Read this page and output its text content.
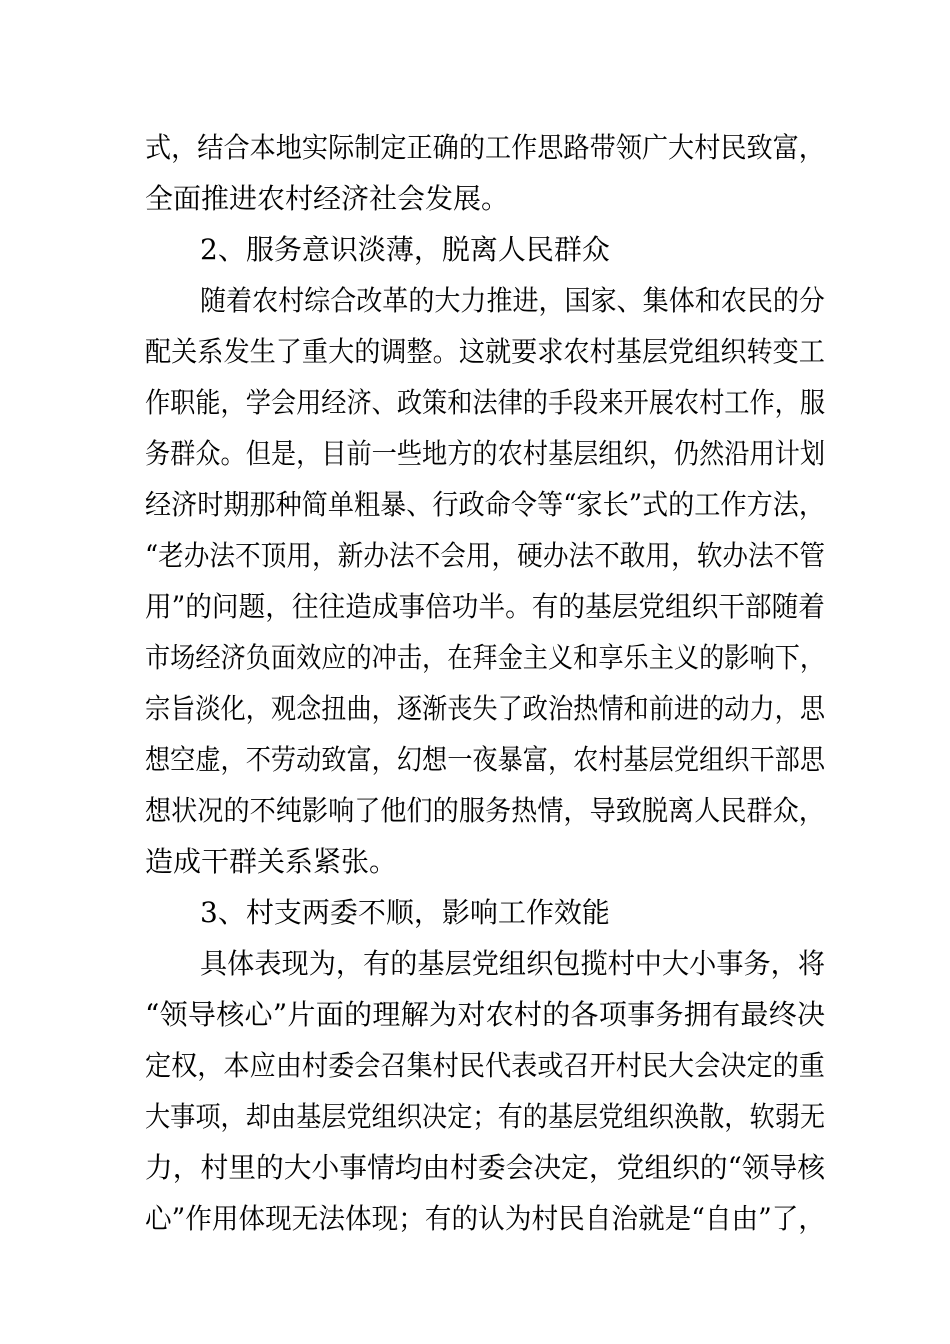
式，结合本地实际制定正确的工作思路带领广大村民致富，
全面推进农村经济社会发展。
2、服务意识淡薄，脱离人民群众
随着农村综合改革的大力推进，国家、集体和农民的分
配关系发生了重大的调整。这就要求农村基层党组织转变工
作职能，学会用经济、政策和法律的手段来开展农村工作，服
务群众。但是，目前一些地方的农村基层组织，仍然沿用计划
经济时期那种简单粗暴、行政命令等“家长”式的工作方法，
“老办法不顶用，新办法不会用，硬办法不敢用，软办法不管
用”的问题，往往造成事倍功半。有的基层党组织干部随着
市场经济负面效应的冲击，在拜金主义和享乐主义的影响下，
宗旨淡化，观念扭曲，逐渐丧失了政治热情和前进的动力，思
想空虚，不劳动致富，幻想一夜暴富，农村基层党组织干部思
想状况的不纯影响了他们的服务热情，导致脱离人民群众，
造成干群关系紧张。
3、村支两委不顺，影响工作效能
具体表现为，有的基层党组织包揽村中大小事务，将
“领导核心”片面的理解为对农村的各项事务拥有最终决
定权，本应由村委会召集村民代表或召开村民大会决定的重
大事项，却由基层党组织决定；有的基层党组织涣散，软弱无
力，村里的大小事情均由村委会决定，党组织的“领导核
心”作用体现无法体现；有的认为村民自治就是“自由”了，
